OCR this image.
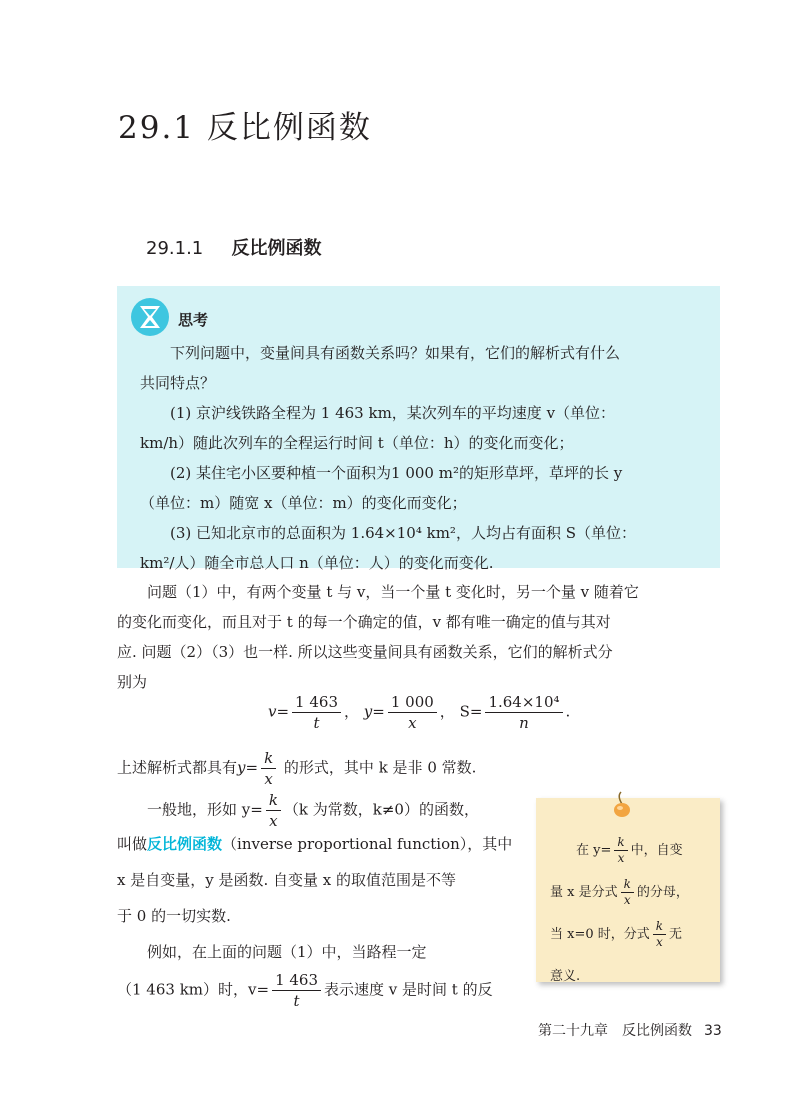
29.1 反比例函数
29.1.1 反比例函数
思考
　　下列问题中，变量间具有函数关系吗？如果有，它们的解析式有什么
共同特点？
　　(1) 京沪线铁路全程为 1 463 km，某次列车的平均速度 v（单位：
km/h）随此次列车的全程运行时间 t（单位：h）的变化而变化；
　　(2) 某住宅小区要种植一个面积为1 000 m²的矩形草坪，草坪的长 y
（单位：m）随宽 x（单位：m）的变化而变化；
　　(3) 已知北京市的总面积为 1.64×10⁴ km²，人均占有面积 S（单位：
km²/人）随全市总人口 n（单位：人）的变化而变化.
　　问题（1）中，有两个变量 t 与 v，当一个量 t 变化时，另一个量 v 随着它
的变化而变化，而且对于 t 的每一个确定的值，v 都有唯一确定的值与其对
应. 问题（2）（3）也一样. 所以这些变量间具有函数关系，它们的解析式分
别为
$v= \frac{1 463}{t}$ ， $y= \frac{1 000}{x}$ ， $S= \frac{\text{1.64×10⁴}}{n}$ .
上述解析式都具有$y= \frac{k}{x}$ 的形式，其中 k 是非 0 常数.
　　一般地，形如 $y= \frac{k}{x} (k$ 为常数，k≠0）的函数，
叫做反比例函数（inverse proportional function），其中
x 是自变量，y 是函数. 自变量 x 的取值范围是不等
于 0 的一切实数.
　　例如，在上面的问题（1）中，当路程一定
（1 463 km）时，$v= \frac{1 463}{t}$ 表示速度 v 是时间 t 的反
　　在 $y= \frac{k}{x}$ 中，自变
量 x 是分式 $\frac{k}{x}$ 的分母，
当 x=0 时，分式 $\frac{k}{x}$ 无
意义.
第二十九章　反比例函数 33
